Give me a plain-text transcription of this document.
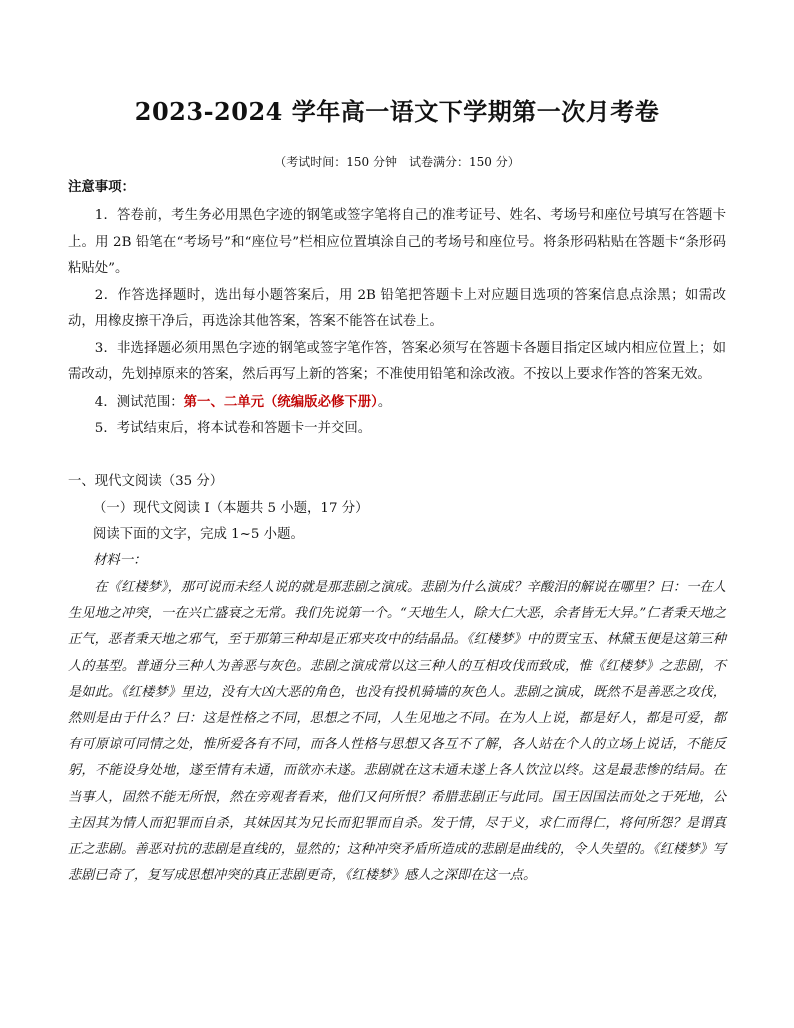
2023-2024 学年高一语文下学期第一次月考卷
（考试时间：150 分钟　试卷满分：150 分）
注意事项：

1．答卷前，考生务必用黑色字迹的钢笔或签字笔将自己的准考证号、姓名、考场号和座位号填写在答题卡上。用 2B 铅笔在“考场号”和“座位号”栏相应位置填涂自己的考场号和座位号。将条形码粘贴在答题卡“条形码粘贴处”。

2．作答选择题时，选出每小题答案后，用 2B 铅笔把答题卡上对应题目选项的答案信息点涂黑；如需改动，用橡皮擦干净后，再选涂其他答案，答案不能答在试卷上。

3．非选择题必须用黑色字迹的钢笔或签字笔作答，答案必须写在答题卡各题目指定区域内相应位置上；如需改动，先划掉原来的答案，然后再写上新的答案；不准使用铅笔和涂改液。不按以上要求作答的答案无效。

4．测试范围：第一、二单元（统编版必修下册）。

5．考试结束后，将本试卷和答题卡一并交回。

一、现代文阅读（35 分）
（一）现代文阅读 I（本题共 5 小题，17 分）
阅读下面的文字，完成 1~5 小题。
材料一：

在《红楼梦》，那可说而未经人说的就是那悲剧之演成。悲剧为什么演成？辛酸泪的解说在哪里？曰：一在人生见地之冲突，一在兴亡盛衰之无常。我们先说第一个。“天地生人，除大仁大恶，余者皆无大异。”仁者秉天地之正气，恶者秉天地之邪气，至于那第三种却是正邪夹攻中的结晶品。《红楼梦》中的贾宝玉、林黛玉便是这第三种人的基型。普通分三种人为善恶与灰色。悲剧之演成常以这三种人的互相攻伐而致成，惟《红楼梦》之悲剧，不是如此。《红楼梦》里边，没有大凶大恶的角色，也没有投机骑墙的灰色人。悲剧之演成，既然不是善恶之攻伐，然则是由于什么？曰：这是性格之不同，思想之不同，人生见地之不同。在为人上说，都是好人，都是可爱，都有可原谅可同情之处，惟所爱各有不同，而各人性格与思想又各互不了解，各人站在个人的立场上说话，不能反躬，不能设身处地，遂至情有未通，而欲亦未遂。悲剧就在这未通未遂上各人饮泣以终。这是最悲惨的结局。在当事人，固然不能无所恨，然在旁观者看来，他们又何所恨？希腊悲剧正与此同。国王因国法而处之于死地，公主因其为情人而犯罪而自杀，其妹因其为兄长而犯罪而自杀。发于情，尽于义，求仁而得仁，将何所怨？是谓真正之悲剧。善恶对抗的悲剧是直线的，显然的；这种冲突矛盾所造成的悲剧是曲线的，令人失望的。《红楼梦》写悲剧已奇了，复写成思想冲突的真正悲剧更奇，《红楼梦》感人之深即在这一点。
